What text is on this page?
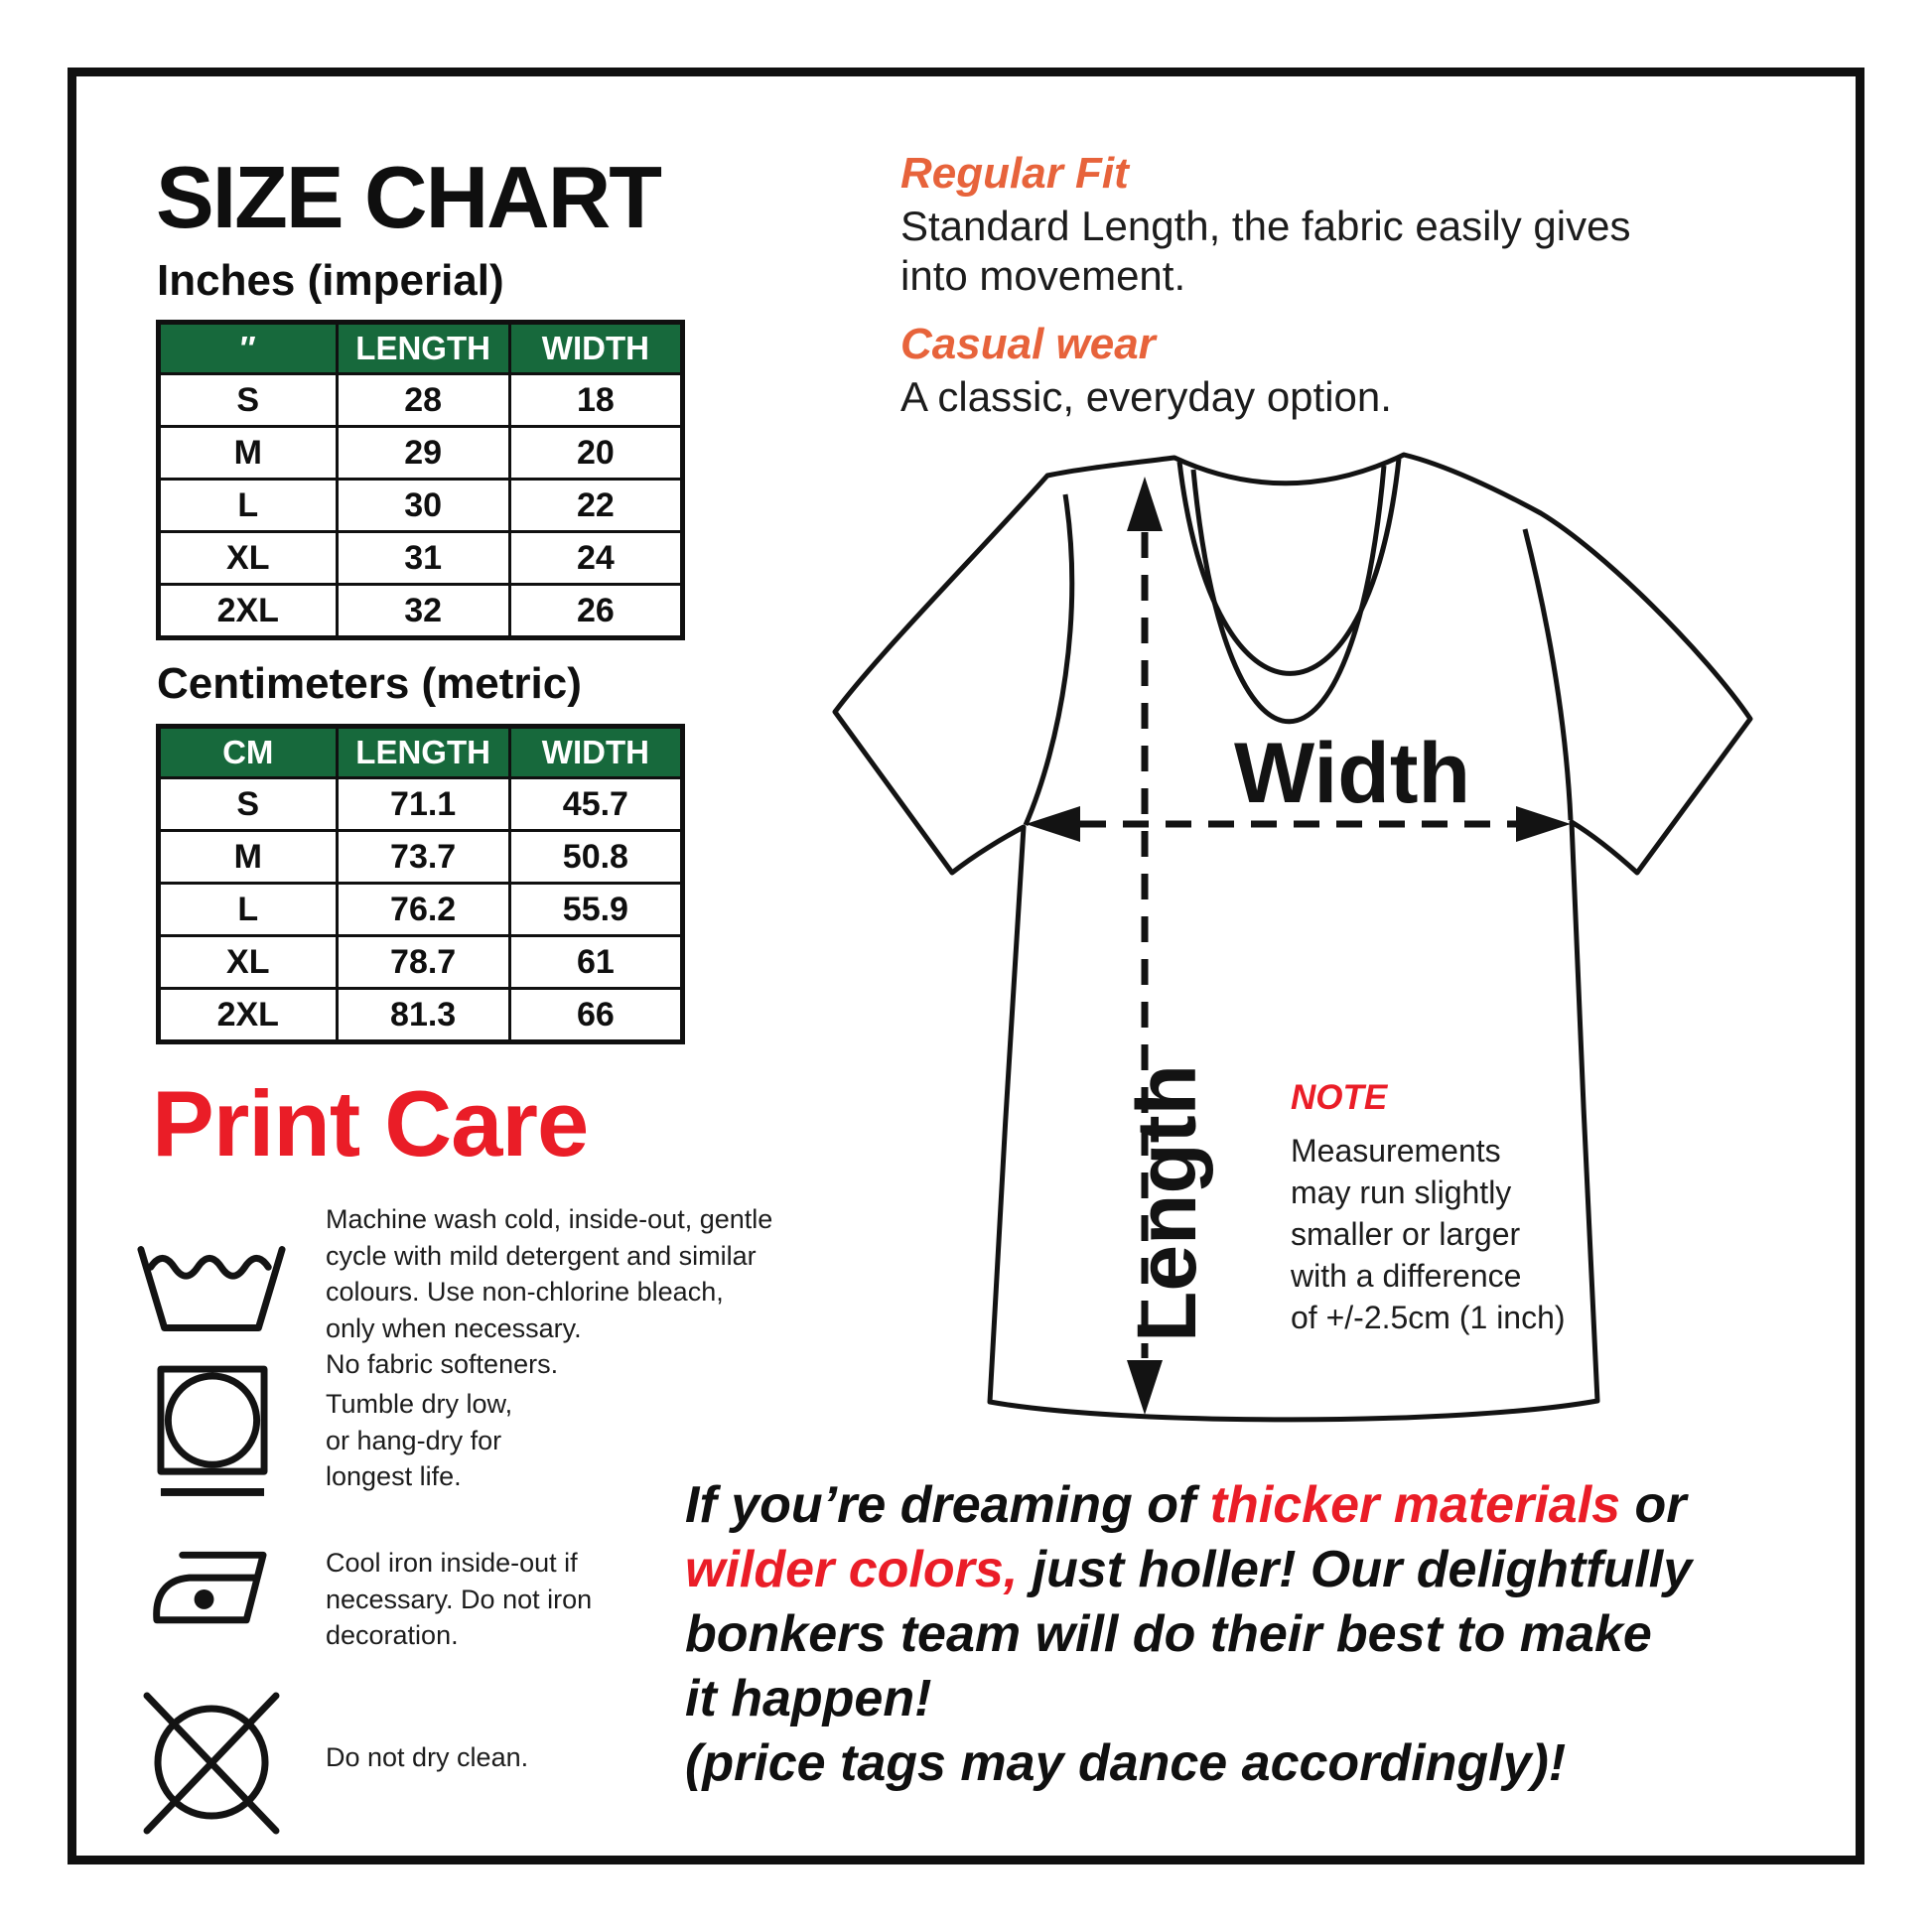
SIZE CHART
Inches (imperial)
″	LENGTH	WIDTH
S	28	18
M	29	20
L	30	22
XL	31	24
2XL	32	26
Centimeters (metric)
CM	LENGTH	WIDTH
S	71.1	45.7
M	73.7	50.8
L	76.2	55.9
XL	78.7	61
2XL	81.3	66
Print Care
Machine wash cold, inside-out, gentle
cycle with mild detergent and similar
colours. Use non-chlorine bleach,
only when necessary.
No fabric softeners.
Tumble dry low,
or hang-dry for
longest life.
Cool iron inside-out if
necessary. Do not iron
decoration.
Do not dry clean.
Regular Fit
Standard Length, the fabric easily gives
into movement.
Casual wear
A classic, everyday option.
Width
Length NOTE
Measurements
may run slightly
smaller or larger
with a difference
of +/-2.5cm (1 inch)
If you’re dreaming of thicker materials or
wilder colors, just holler! Our delightfully
bonkers team will do their best to make
it happen!
(price tags may dance accordingly)!
